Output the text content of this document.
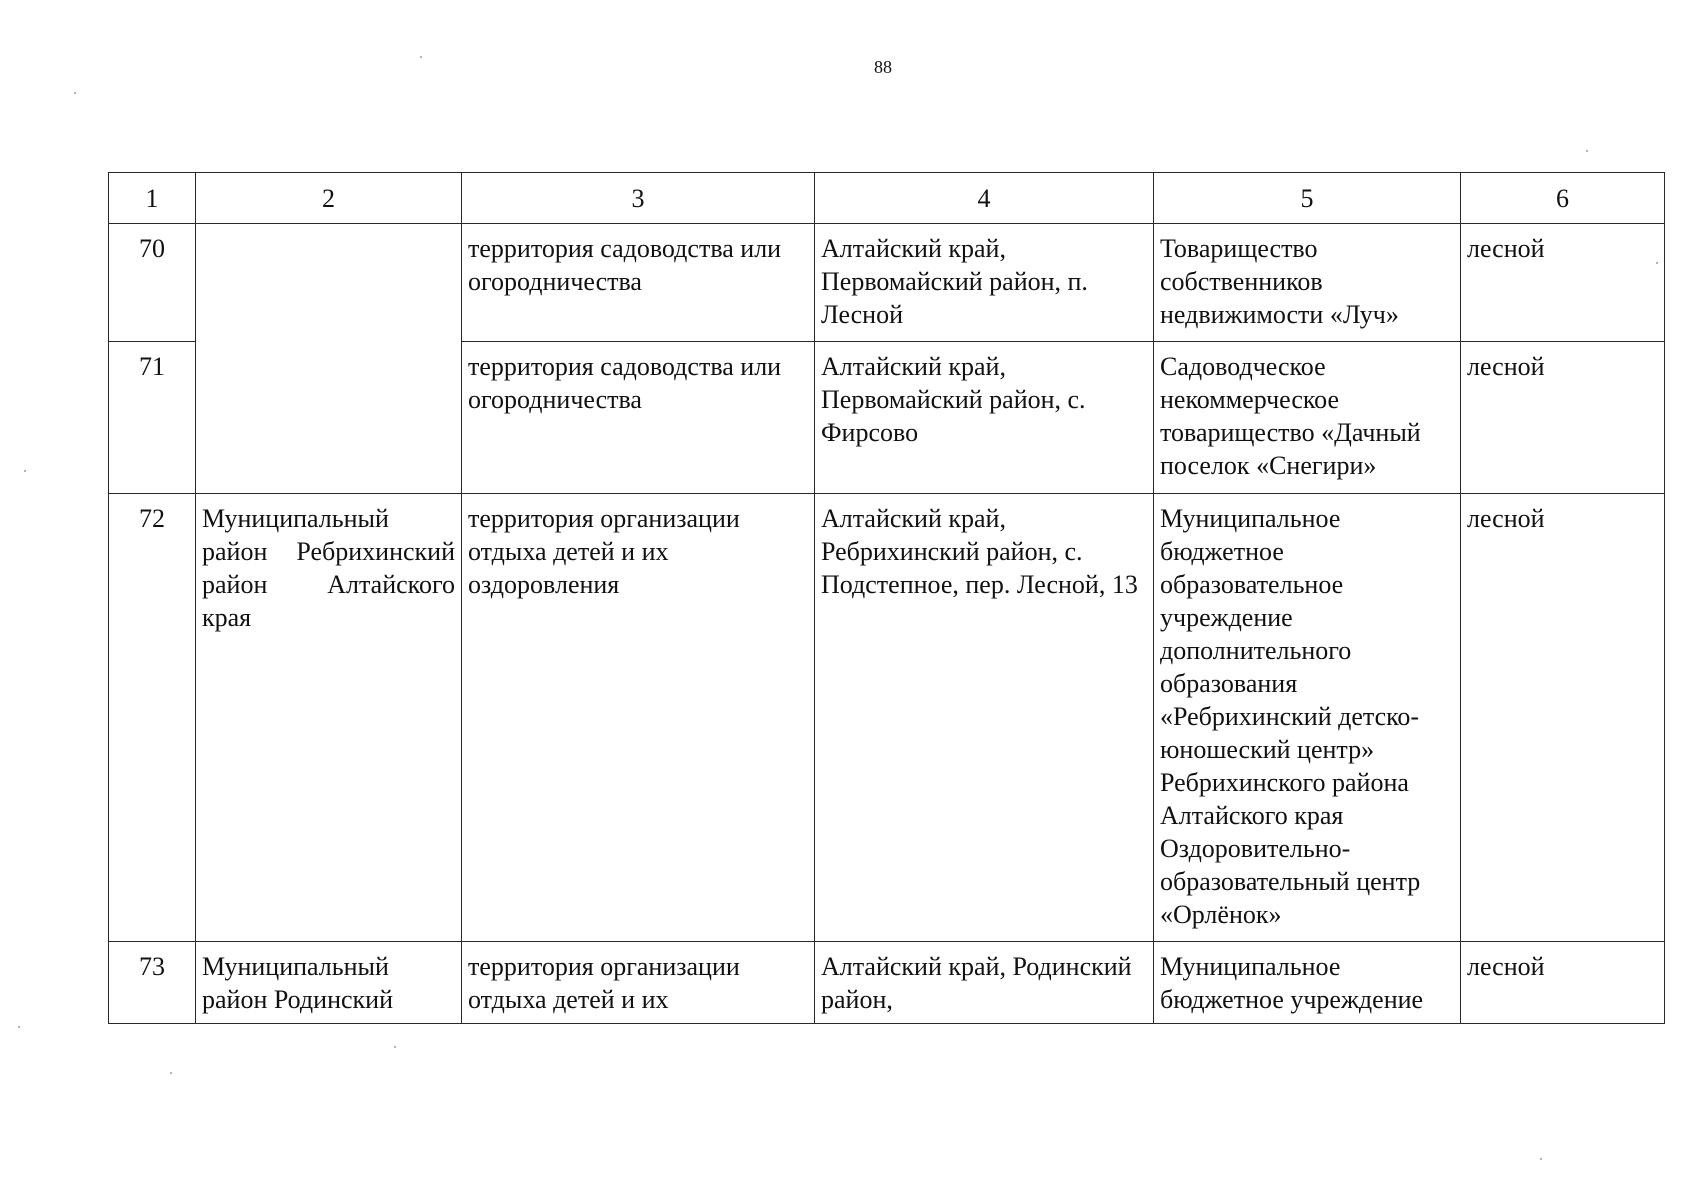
88
1	2	3	4	5	6
70		территория садоводства или огородничества	Алтайский край, Первомайский район, п. Лесной	Товарищество собственников недвижимости «Луч»	лесной
71		территория садоводства или огородничества	Алтайский край, Первомайский район, с. Фирсово	Садоводческое некоммерческое товарищество «Дачный поселок «Снегири»	лесной
72	Муниципальный район Ребрихинский район Алтайского края	территория организации отдыха детей и их оздоровления	Алтайский край, Ребрихинский район, с. Подстепное, пер. Лесной, 13	Муниципальное бюджетное образовательное учреждение дополнительного образования «Ребрихинский детско-юношеский центр» Ребрихинского района Алтайского края Оздоровительно-образовательный центр «Орлёнок»	лесной
73	Муниципальный район Родинский	территория организации отдыха детей и их	Алтайский край, Родинский район,	Муниципальное бюджетное учреждение	лесной
